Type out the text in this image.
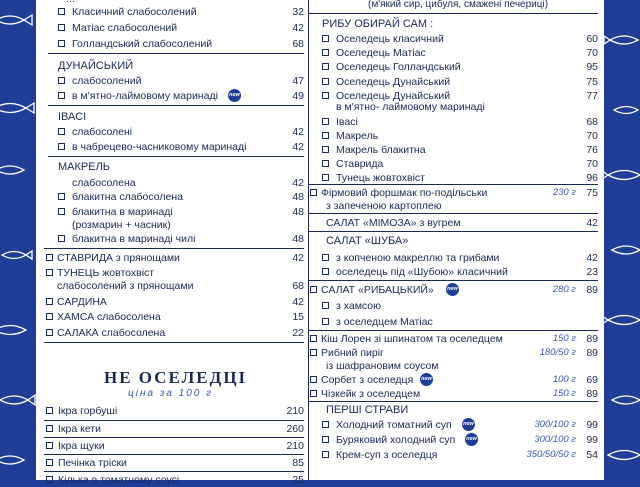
Класичний слабосолений	32
Матіас слабосолений	42
Голландський слабосолений	68
ДУНАЙСЬКИЙ
слабосолений	47
в м'ятно-лаймовому маринаді new	49
ІВАСІ
слабосолені	42
в чабрецево-часниковому маринаді	42
МАКРЕЛЬ
слабосолена	42
блакитна слабосолена	48
блакитна в маринаді	48
(розмарин + часник)
блакитна в маринаді чилі	48
СТАВРИДА з прянощами	42
ТУНЕЦЬ жовтохвіст
слабосолений з прянощами	68
САРДИНА	42
ХАМСА слабосолена	15
САЛАКА слабосолена	22
НЕ ОСЕЛЕДЦІ
ціна за 100 г
Ікра горбуші	210
Ікра кети	260
Ікра щуки	210
Печінка тріски	85
Кілька в томатному соусі	25
(м'який сир, цибуля, смажені печериці)
РИБУ ОБИРАЙ САМ :
Оселедець класичний	60
Оселедець Матіас	70
Оселедець Голландський	95
Оселедець Дунайський	75
Оселедець Дунайський	77
в м'ятно- лаймовому маринаді
Івасі	68
Макрель	70
Макрель блакитна	76
Ставрида	70
Тунець жовтохвіст	96
Фірмовий форшмак по-подільськи	230 г 75
з запеченою картоплею
САЛАТ «МІМОЗА» з вугрем	42
САЛАТ «ШУБА»
з копченою макреллю та грибами	42
оселедець під «Шубою» класичний	23
САЛАТ «РИБАЦЬКИЙ» new	280 г 89
з хамсою
з оселедцем Матіас
Кіш Лорен зі шпинатом та оселедцем	150 г 89
Рибний пиріг	180/50 г 89
із шафрановим соусом
Сорбет з оселедця new	100 г 69
Чізкейк з оселедцем	150 г 89
ПЕРШІ СТРАВИ
Холодний томатний суп new	300/100 г 99
Буряковий холодний суп new	300/100 г 99
Крем-суп з оселедця	350/50/50 г 54
